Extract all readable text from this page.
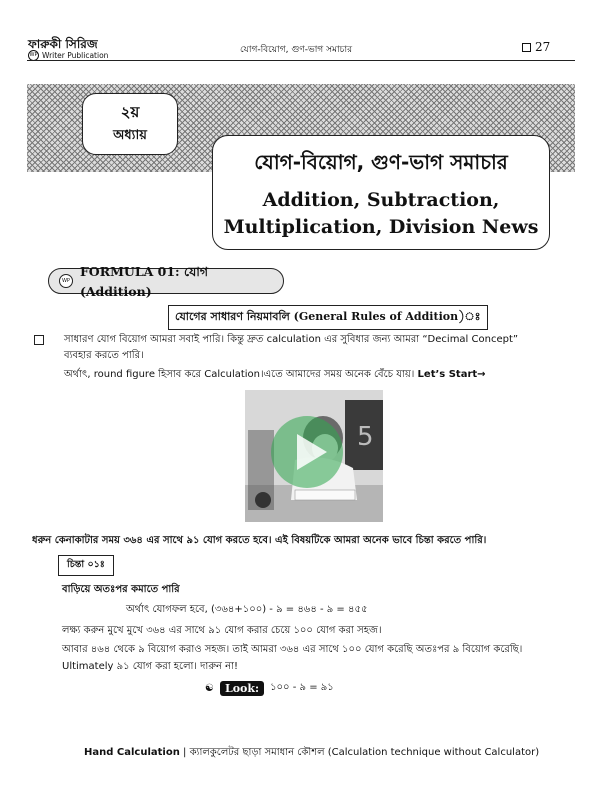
ফারুকী সিরিজ
WP Writer Publication
যোগ-বিয়োগ, গুণ-ভাগ সমাচার	27
২য়
অধ্যায়
যোগ-বিয়োগ, গুণ-ভাগ সমাচার
Addition, Subtraction,
Multiplication, Division News
WP
FORMULA 01: যোগ (Addition)
যোগের সাধারণ নিয়মাবলি (General Rules of Addition)ঃ
সাধারণ যোগ বিয়োগ আমরা সবাই পারি। কিন্তু দ্রুত calculation এর সুবিধার জন্য আমরা “Decimal Concept”
ব্যবহার করতে পারি।
অর্থাৎ, round figure হিসাব করে Calculation।এতে আমাদের সময় অনেক বেঁচে যায়। Let’s Start→
5
ধরুন কেনাকাটার সময় ৩৬৪ এর সাথে ৯১ যোগ করতে হবে। এই বিষয়টিকে আমরা অনেক ভাবে চিন্তা করতে পারি।
চিন্তা ০১ঃ
বাড়িয়ে অতঃপর কমাতে পারি
অর্থাৎ যোগফল হবে, (৩৬৪+১০০) - ৯ = ৪৬৪ - ৯ = ৪৫৫
লক্ষ্য করুন মুখে মুখে ৩৬৪ এর সাথে ৯১ যোগ করার চেয়ে ১০০ যোগ করা সহজ।
আবার ৪৬৪ থেকে ৯ বিয়োগ করাও সহজ। তাই আমরা ৩৬৪ এর সাথে ১০০ যোগ করেছি অতঃপর ৯ বিয়োগ করেছি।
Ultimately ৯১ যোগ করা হলো। দারুন না!
☯	Look:	১০০ - ৯ = ৯১
Hand Calculation | ক্যালকুলেটর ছাড়া সমাধান কৌশল (Calculation technique without Calculator)
